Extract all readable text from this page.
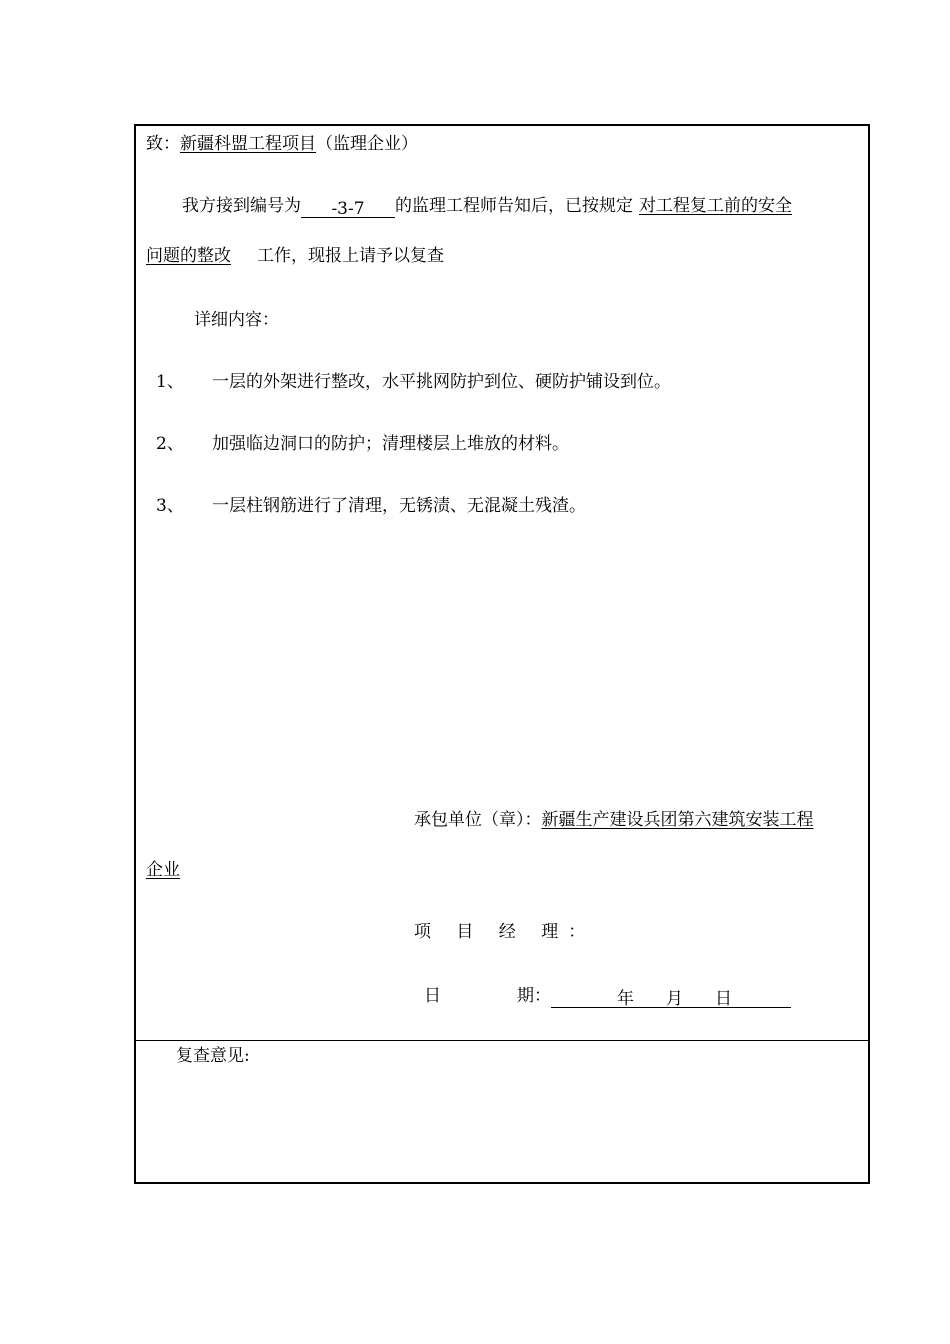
致：新疆科盟工程项目（监理企业）
我方接到编号为 -3-7 的监理工程师告知后，已按规定 对工程复工前的安全
问题的整改 工作，现报上请予以复查
详细内容：
1、 一层的外架进行整改，水平挑网防护到位、硬防护铺设到位。
2、 加强临边洞口的防护；清理楼层上堆放的材料。
3、 一层柱钢筋进行了清理，无锈渍、无混凝土残渣。
承包单位（章）：新疆生产建设兵团第六建筑安装工程
企业
项 目 经 理：
日	期：	年 月 日
复查意见:
